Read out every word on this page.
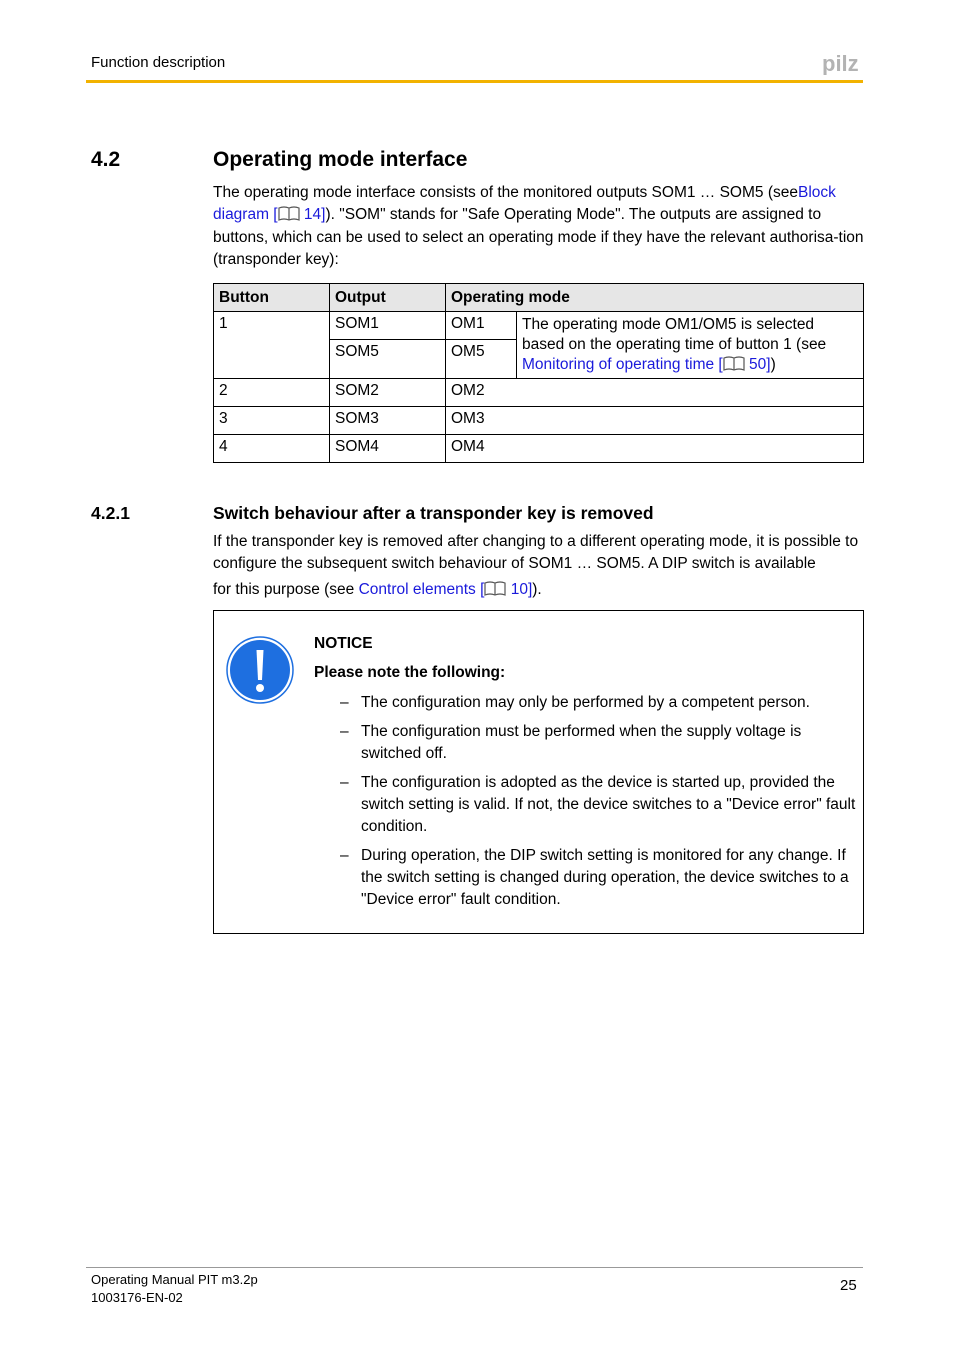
Function description	pilz
4.2	Operating mode interface
The operating mode interface consists of the monitored outputs SOM1 … SOM5 (seeBlock diagram [ 14]). "SOM" stands for "Safe Operating Mode". The outputs are assigned to buttons, which can be used to select an operating mode if they have the relevant authorisa-tion (transponder key):
Button	Output	Operating mode	
1	SOM1	OM1	The operating mode OM1/OM5 is selected based on the operating time of button 1 (see Monitoring of operating time [ 50])
	SOM5	OM5	
2	SOM2	OM2	
3	SOM3	OM3	
4	SOM4	OM4	
4.2.1	Switch behaviour after a transponder key is removed
If the transponder key is removed after changing to a different operating mode, it is possible to configure the subsequent switch behaviour of SOM1 … SOM5. A DIP switch is available
for this purpose (see Control elements [ 10]).
NOTICE
Please note the following:
– The configuration may only be performed by a competent person.
– The configuration must be performed when the supply voltage is switched off.
– The configuration is adopted as the device is started up, provided the switch setting is valid. If not, the device switches to a "Device error" fault condition.
– During operation, the DIP switch setting is monitored for any change. If the switch setting is changed during operation, the device switches to a "Device error" fault condition.
Operating Manual PIT m3.2p
1003176-EN-02
25
